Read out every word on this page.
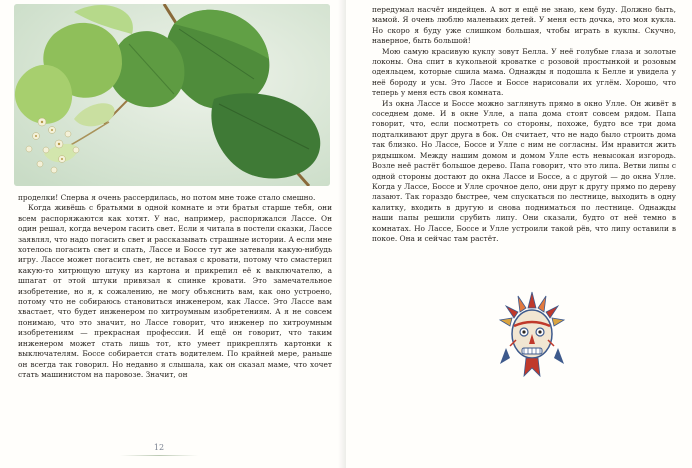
проделки! Сперва я очень рассердилась, но потом мне тоже стало смешно.

Когда живёшь с братьями в одной комнате и эти братья старше тебя, они всем распоряжаются как хотят. У нас, например, распоряжался Лассе. Он один решал, когда вечером гасить свет. Если я читала в постели сказки, Лассе заявлял, что надо погасить свет и рассказывать страшные истории. А если мне хотелось погасить свет и спать, Лассе и Боссе тут же затевали какую-нибудь игру. Лассе может погасить свет, не вставая с кровати, потому что смастерил какую-то хитрющую штуку из картона и прикрепил её к выключателю, а шпагат от этой штуки привязал к спинке кровати. Это замечательное изобретение, но я, к сожалению, не могу объяснить вам, как оно устроено, потому что не собираюсь становиться инженером, как Лассе. Это Лассе вам хвастает, что будет инженером по хитроумным изобретениям. А я не совсем понимаю, что это значит, но Лассе говорит, что инженер по хитроумным изобретениям — прекрасная профессия. И ещё он говорит, что таким инженером может стать лишь тот, кто умеет прикреплять картонки к выключателям. Боссе собирается стать водителем. По крайней мере, раньше он всегда так говорил. Но недавно я слышала, как он сказал маме, что хочет стать машинистом на паровозе. Значит, он

12

передумал насчёт индейцев. А вот я ещё не знаю, кем буду. Должно быть, мамой. Я очень люблю маленьких детей. У меня есть дочка, это моя кукла. Но скоро я буду уже слишком большая, чтобы играть в куклы. Скучно, наверное, быть большой!

Мою самую красивую куклу зовут Белла. У неё голубые глаза и золотые локоны. Она спит в кукольной кроватке с розовой простынкой и розовым одеяльцем, которые сшила мама. Однажды я подошла к Белле и увидела у неё бороду и усы. Это Лассе и Боссе нарисовали их углём. Хорошо, что теперь у меня есть своя комната.

Из окна Лассе и Боссе можно заглянуть прямо в окно Улле. Он живёт в соседнем доме. И в окне Улле, а папа дома стоят совсем рядом. Папа говорит, что, если посмотреть со стороны, похоже, будто все три дома подталкивают друг друга в бок. Он считает, что не надо было строить дома так близко. Но Лассе, Боссе и Улле с ним не согласны. Им нравится жить рядышком. Между нашим домом и домом Улле есть невысокая изгородь. Возле неё растёт большое дерево. Папа говорит, что это липа. Ветви липы с одной стороны достают до окна Лассе и Боссе, а с другой — до окна Улле. Когда у Лассе, Боссе и Улле срочное дело, они друг к другу прямо по дереву лазают. Так гораздо быстрее, чем спускаться по лестнице, выходить в одну калитку, входить в другую и снова подниматься по лестнице. Однажды наши папы решили срубить липу. Они сказали, будто от неё темно в комнатах. Но Лассе, Боссе и Улле устроили такой рёв, что липу оставили в покое. Она и сейчас там растёт.
